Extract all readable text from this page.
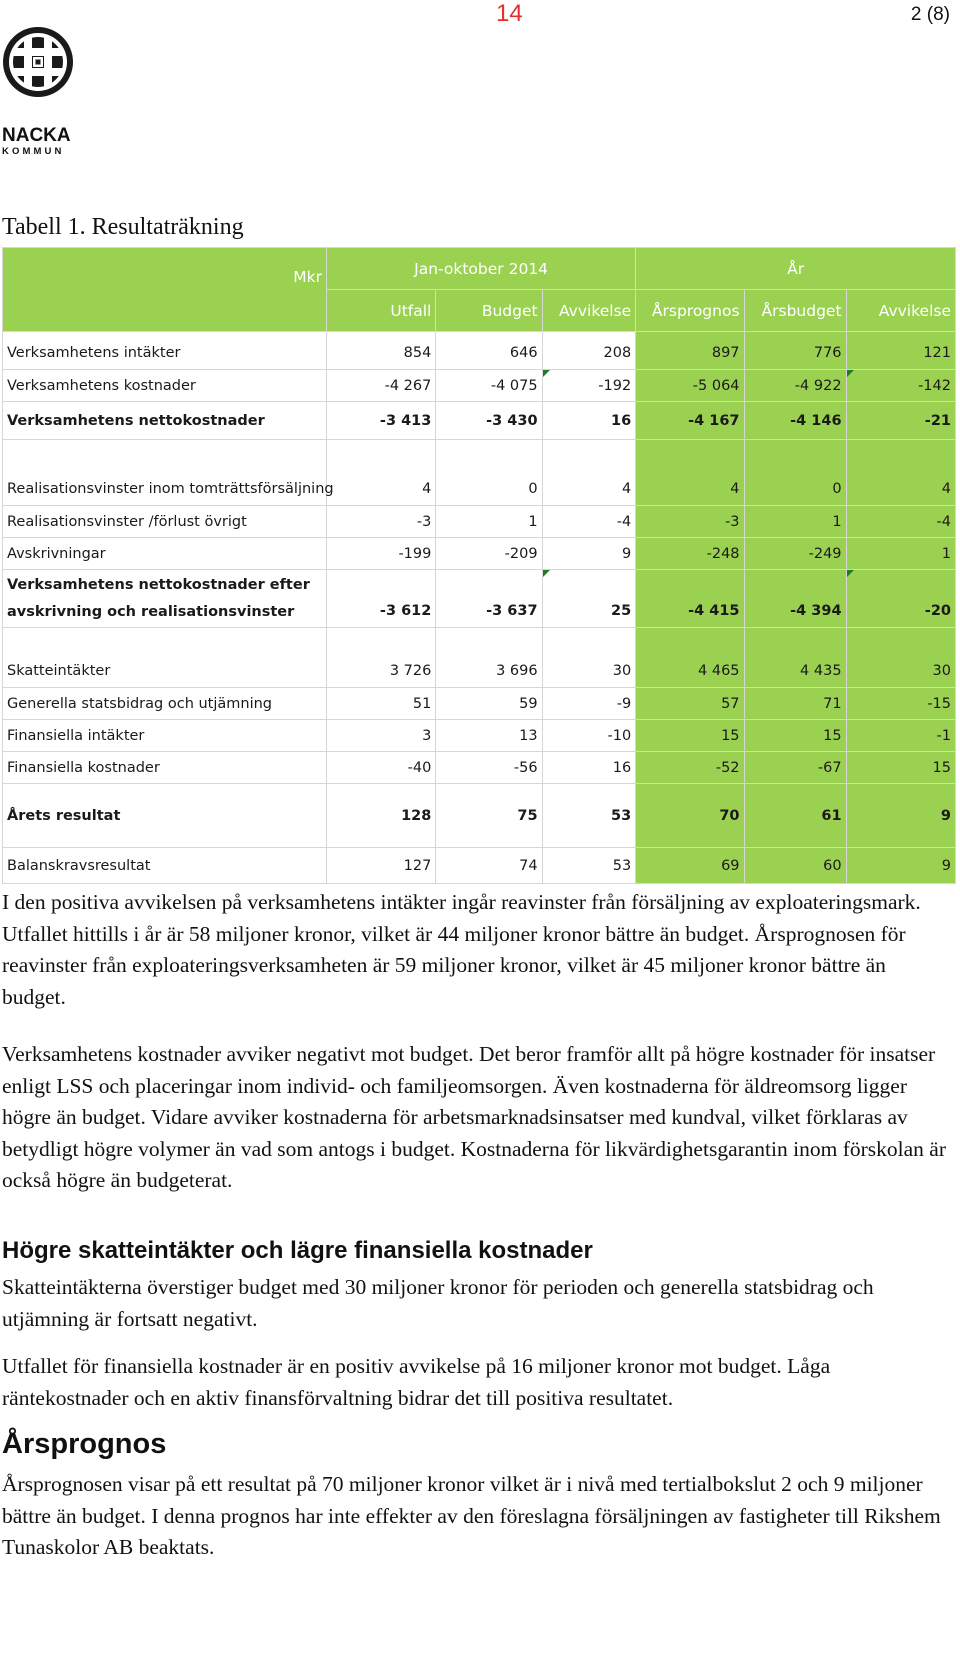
14	2 (8)
NACKA
KOMMUN
Tabell 1. Resultaträkning
Mkr	Jan-oktober 2014			År		
	Utfall	Budget	Avvikelse	Årsprognos	Årsbudget	Avvikelse
Verksamhetens intäkter	854	646	208	897	776	121
Verksamhetens kostnader	-4 267	-4 075	-192	-5 064	-4 922	-142
Verksamhetens nettokostnader	-3 413	-3 430	16	-4 167	-4 146	-21
Realisationsvinster inom tomträttsförsäljning	4	0	4	4	0	4
Realisationsvinster /förlust övrigt	-3	1	-4	-3	1	-4
Avskrivningar	-199	-209	9	-248	-249	1
Verksamhetens nettokostnader efter
avskrivning och realisationsvinster	-3 612	-3 637	25	-4 415	-4 394	-20
Skatteintäkter	3 726	3 696	30	4 465	4 435	30
Generella statsbidrag och utjämning	51	59	-9	57	71	-15
Finansiella intäkter	3	13	-10	15	15	-1
Finansiella kostnader	-40	-56	16	-52	-67	15
Årets resultat	128	75	53	70	61	9
Balanskravsresultat	127	74	53	69	60	9
I den positiva avvikelsen på verksamhetens intäkter ingår reavinster från försäljning av exploateringsmark. Utfallet hittills i år är 58 miljoner kronor, vilket är 44 miljoner kronor bättre än budget. Årsprognosen för reavinster från exploateringsverksamheten är 59 miljoner kronor, vilket är 45 miljoner kronor bättre än budget.
Verksamhetens kostnader avviker negativt mot budget. Det beror framför allt på högre kostnader för insatser enligt LSS och placeringar inom individ- och familjeomsorgen. Även kostnaderna för äldreomsorg ligger högre än budget. Vidare avviker kostnaderna för arbetsmarknadsinsatser med kundval, vilket förklaras av betydligt högre volymer än vad som antogs i budget. Kostnaderna för likvärdighetsgarantin inom förskolan är också högre än budgeterat.
Högre skatteintäkter och lägre finansiella kostnader
Skatteintäkterna överstiger budget med 30 miljoner kronor för perioden och generella statsbidrag och utjämning är fortsatt negativt.
Utfallet för finansiella kostnader är en positiv avvikelse på 16 miljoner kronor mot budget. Låga räntekostnader och en aktiv finansförvaltning bidrar det till positiva resultatet.
Årsprognos
Årsprognosen visar på ett resultat på 70 miljoner kronor vilket är i nivå med tertialbokslut 2 och 9 miljoner bättre än budget. I denna prognos har inte effekter av den föreslagna försäljningen av fastigheter till Rikshem Tunaskolor AB beaktats.
